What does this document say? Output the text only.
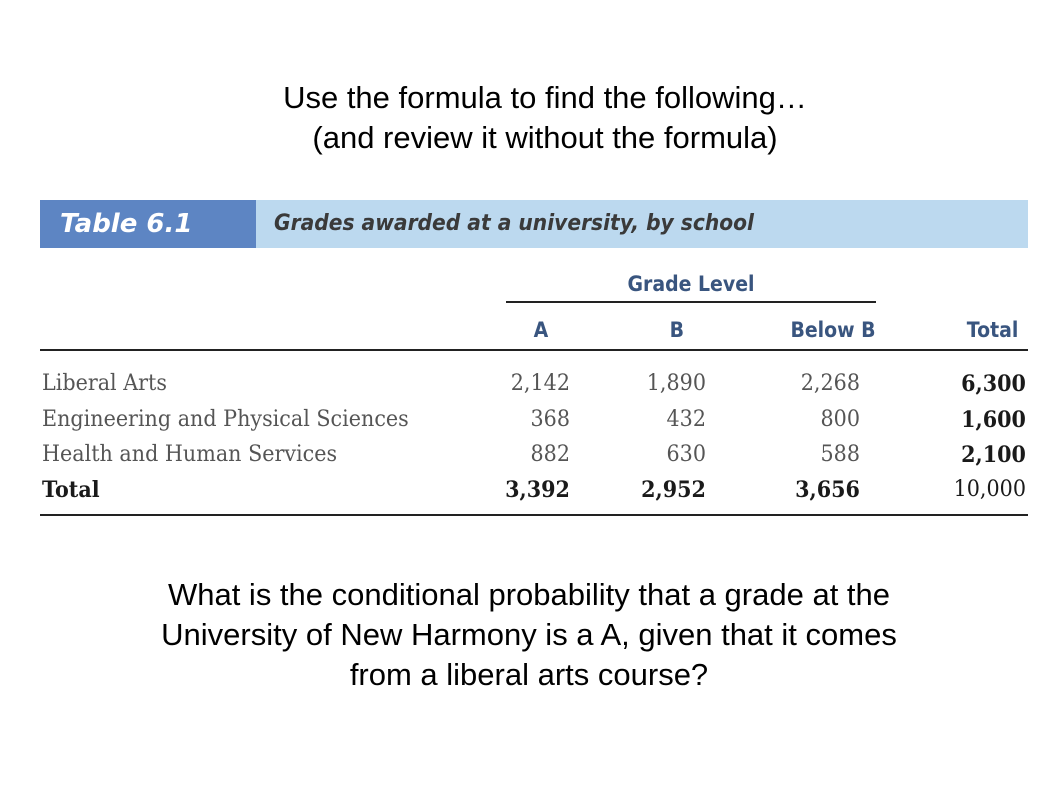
Use the formula to find the following…
(and review it without the formula)
Table 6.1	Grades awarded at a university, by school
Grade Level
A	B	Below B	Total
Liberal Arts	2,142	1,890	2,268	6,300
Engineering and Physical Sciences	368	432	800	1,600
Health and Human Services	882	630	588	2,100
Total	3,392	2,952	3,656	10,000
What is the conditional probability that a grade at the
University of New Harmony is a A, given that it comes
from a liberal arts course?
